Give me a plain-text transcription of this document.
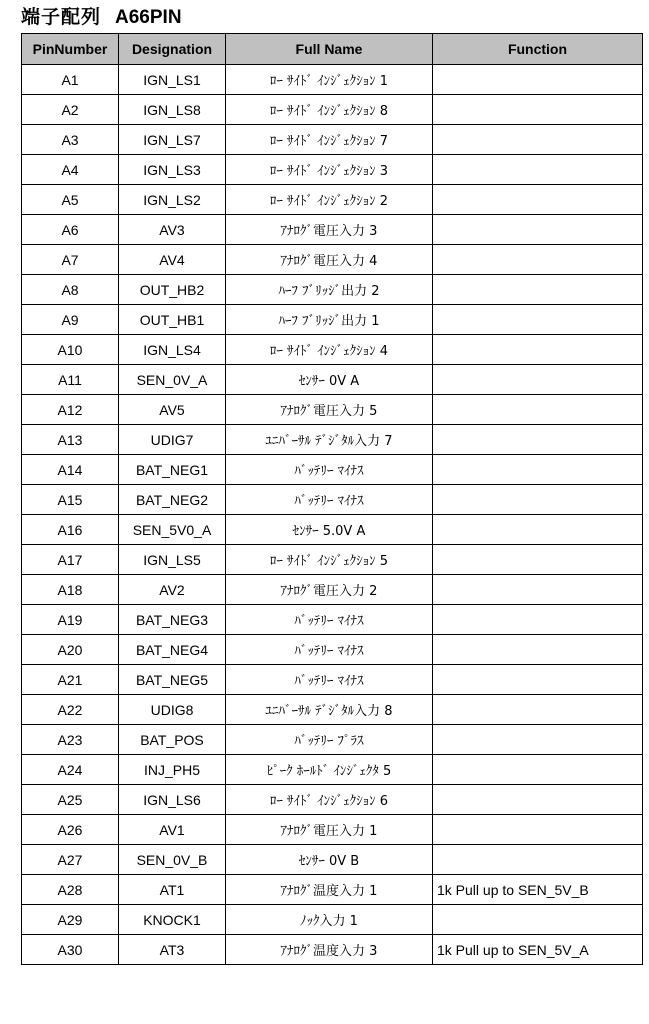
端子配列 A66PIN
PinNumber	Designation	Full Name	Function
A1	IGN_LS1	ﾛｰ ｻｲﾄﾞ ｲﾝｼﾞｪｸｼｮﾝ 1	
A2	IGN_LS8	ﾛｰ ｻｲﾄﾞ ｲﾝｼﾞｪｸｼｮﾝ 8	
A3	IGN_LS7	ﾛｰ ｻｲﾄﾞ ｲﾝｼﾞｪｸｼｮﾝ 7	
A4	IGN_LS3	ﾛｰ ｻｲﾄﾞ ｲﾝｼﾞｪｸｼｮﾝ 3	
A5	IGN_LS2	ﾛｰ ｻｲﾄﾞ ｲﾝｼﾞｪｸｼｮﾝ 2	
A6	AV3	ｱﾅﾛｸﾞ電圧入力 3	
A7	AV4	ｱﾅﾛｸﾞ電圧入力 4	
A8	OUT_HB2	ﾊｰﾌ ﾌﾞﾘｯｼﾞ出力 2	
A9	OUT_HB1	ﾊｰﾌ ﾌﾞﾘｯｼﾞ出力 1	
A10	IGN_LS4	ﾛｰ ｻｲﾄﾞ ｲﾝｼﾞｪｸｼｮﾝ 4	
A11	SEN_0V_A	ｾﾝｻｰ 0V A	
A12	AV5	ｱﾅﾛｸﾞ電圧入力 5	
A13	UDIG7	ﾕﾆﾊﾞｰｻﾙ ﾃﾞｼﾞﾀﾙ入力 7	
A14	BAT_NEG1	ﾊﾞｯﾃﾘｰ ﾏｲﾅｽ	
A15	BAT_NEG2	ﾊﾞｯﾃﾘｰ ﾏｲﾅｽ	
A16	SEN_5V0_A	ｾﾝｻｰ 5.0V A	
A17	IGN_LS5	ﾛｰ ｻｲﾄﾞ ｲﾝｼﾞｪｸｼｮﾝ 5	
A18	AV2	ｱﾅﾛｸﾞ電圧入力 2	
A19	BAT_NEG3	ﾊﾞｯﾃﾘｰ ﾏｲﾅｽ	
A20	BAT_NEG4	ﾊﾞｯﾃﾘｰ ﾏｲﾅｽ	
A21	BAT_NEG5	ﾊﾞｯﾃﾘｰ ﾏｲﾅｽ	
A22	UDIG8	ﾕﾆﾊﾞｰｻﾙ ﾃﾞｼﾞﾀﾙ入力 8	
A23	BAT_POS	ﾊﾞｯﾃﾘｰ ﾌﾟﾗｽ	
A24	INJ_PH5	ﾋﾟｰｸ ﾎｰﾙﾄﾞ ｲﾝｼﾞｪｸﾀ 5	
A25	IGN_LS6	ﾛｰ ｻｲﾄﾞ ｲﾝｼﾞｪｸｼｮﾝ 6	
A26	AV1	ｱﾅﾛｸﾞ電圧入力 1	
A27	SEN_0V_B	ｾﾝｻｰ 0V B	
A28	AT1	ｱﾅﾛｸﾞ温度入力 1	1k Pull up to SEN_5V_B
A29	KNOCK1	ﾉｯｸ入力 1	
A30	AT3	ｱﾅﾛｸﾞ温度入力 3	1k Pull up to SEN_5V_A
